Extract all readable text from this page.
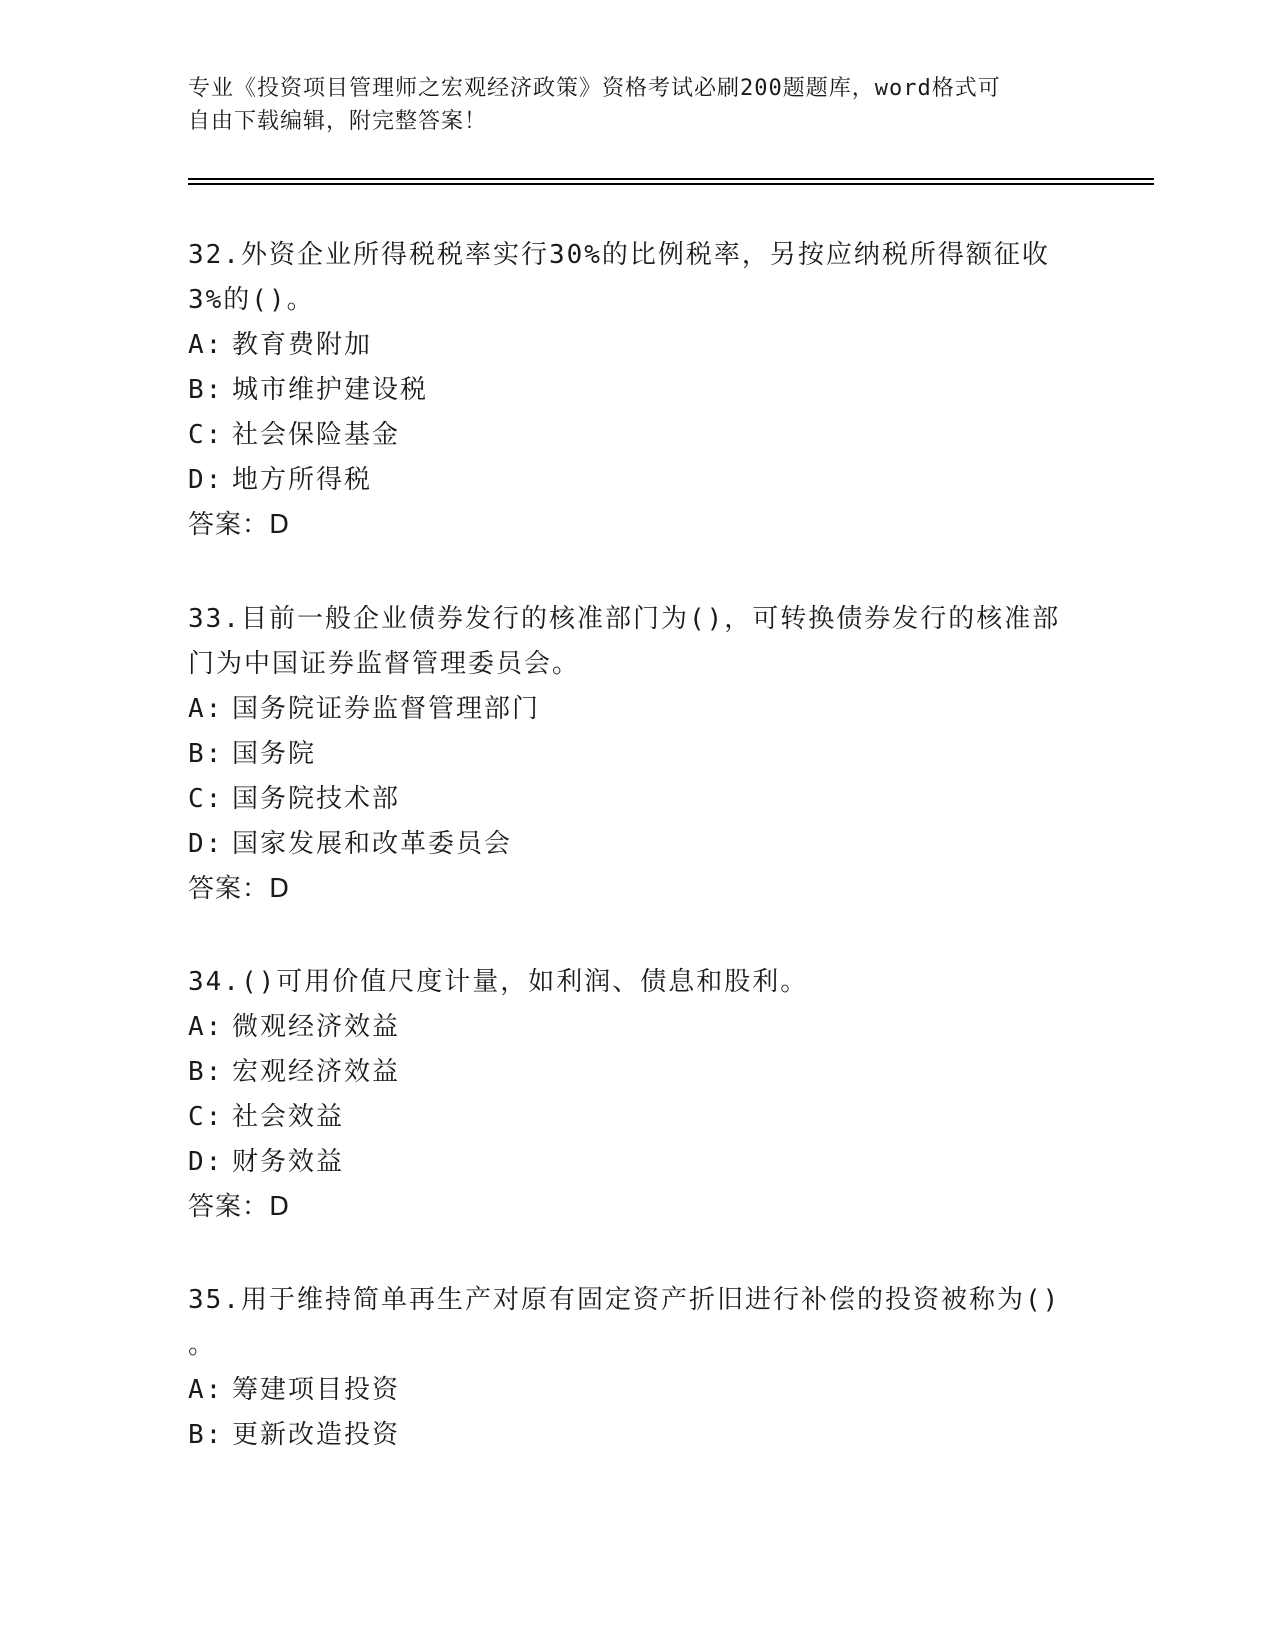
专业《投资项目管理师之宏观经济政策》资格考试必刷200题题库，word格式可
自由下载编辑，附完整答案！

32.外资企业所得税税率实行30%的比例税率，另按应纳税所得额征收

3%的()。

A: 教育费附加

B: 城市维护建设税

C: 社会保险基金

D: 地方所得税

答案：D

33.目前一般企业债券发行的核准部门为()，可转换债券发行的核准部

门为中国证券监督管理委员会。

A: 国务院证券监督管理部门

B: 国务院

C: 国务院技术部

D: 国家发展和改革委员会

答案：D

34.()可用价值尺度计量，如利润、债息和股利。

A: 微观经济效益

B: 宏观经济效益

C: 社会效益

D: 财务效益

答案：D

35.用于维持简单再生产对原有固定资产折旧进行补偿的投资被称为()

。

A: 筹建项目投资

B: 更新改造投资
